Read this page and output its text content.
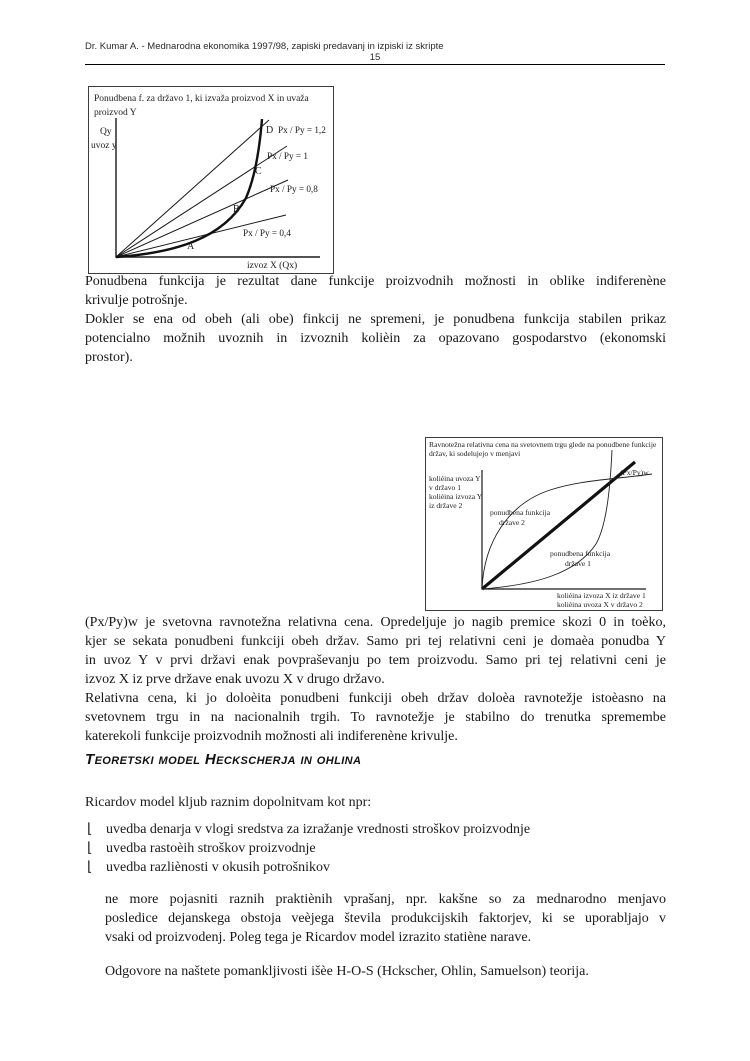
Dr. Kumar A. - Mednarodna ekonomika 1997/98, zapiski predavanj in izpiski iz skripte
15
Ponudbena f. za državo 1, ki izvaža proizvod X in uvaža
proizvod Y
Qy
uvoz y
D Px / Py = 1,2
Px / Py = 1
C
Px / Py = 0,8
B
Px / Py = 0,4
A
izvoz X (Qx)
Ponudbena funkcija je rezultat dane funkcije proizvodnih možnosti in oblike indiferenène
krivulje potrošnje.
Dokler se ena od obeh (ali obe) finkcij ne spremeni, je ponudbena funkcija stabilen prikaz
potencialno možnih uvoznih in izvoznih kolièin za opazovano gospodarstvo (ekonomski
prostor).
Ravnotežna relativna cena na svetovnem trgu glede na ponudbene funkcije
držav, ki sodelujejo v menjavi
kolièina uvoza Y
v državo 1
kolièina izvoza Y
iz države 2
(Px/Py)w
ponudbena funkcija
države 2
ponudbena funkcija
države 1
kolièina izvoza X iz države 1
kolièina uvoza X v državo 2
(Px/Py)w je svetovna ravnotežna relativna cena. Opredeljuje jo nagib premice skozi 0 in toèko,
kjer se sekata ponudbeni funkciji obeh držav. Samo pri tej relativni ceni je domaèa ponudba Y
in uvoz Y v prvi državi enak povpraševanju po tem proizvodu. Samo pri tej relativni ceni je
izvoz X iz prve države enak uvozu X v drugo državo.
Relativna cena, ki jo doloèita ponudbeni funkciji obeh držav doloèa ravnotežje istoèasno na
svetovnem trgu in na nacionalnih trgih. To ravnotežje je stabilno do trenutka spremembe
katerekoli funkcije proizvodnih možnosti ali indiferenène krivulje.
Teoretski model Heckscherja in ohlina
Ricardov model kljub raznim dopolnitvam kot npr:
⌊ uvedba denarja v vlogi sredstva za izražanje vrednosti stroškov proizvodnje
⌊ uvedba rastoèih stroškov proizvodnje
⌊ uvedba razliènosti v okusih potrošnikov
ne more pojasniti raznih praktiènih vprašanj, npr. kakšne so za mednarodno menjavo
posledice dejanskega obstoja veèjega števila produkcijskih faktorjev, ki se uporabljajo v
vsaki od proizvodenj. Poleg tega je Ricardov model izrazito statiène narave.
Odgovore na naštete pomankljivosti išèe H-O-S (Hckscher, Ohlin, Samuelson) teorija.
